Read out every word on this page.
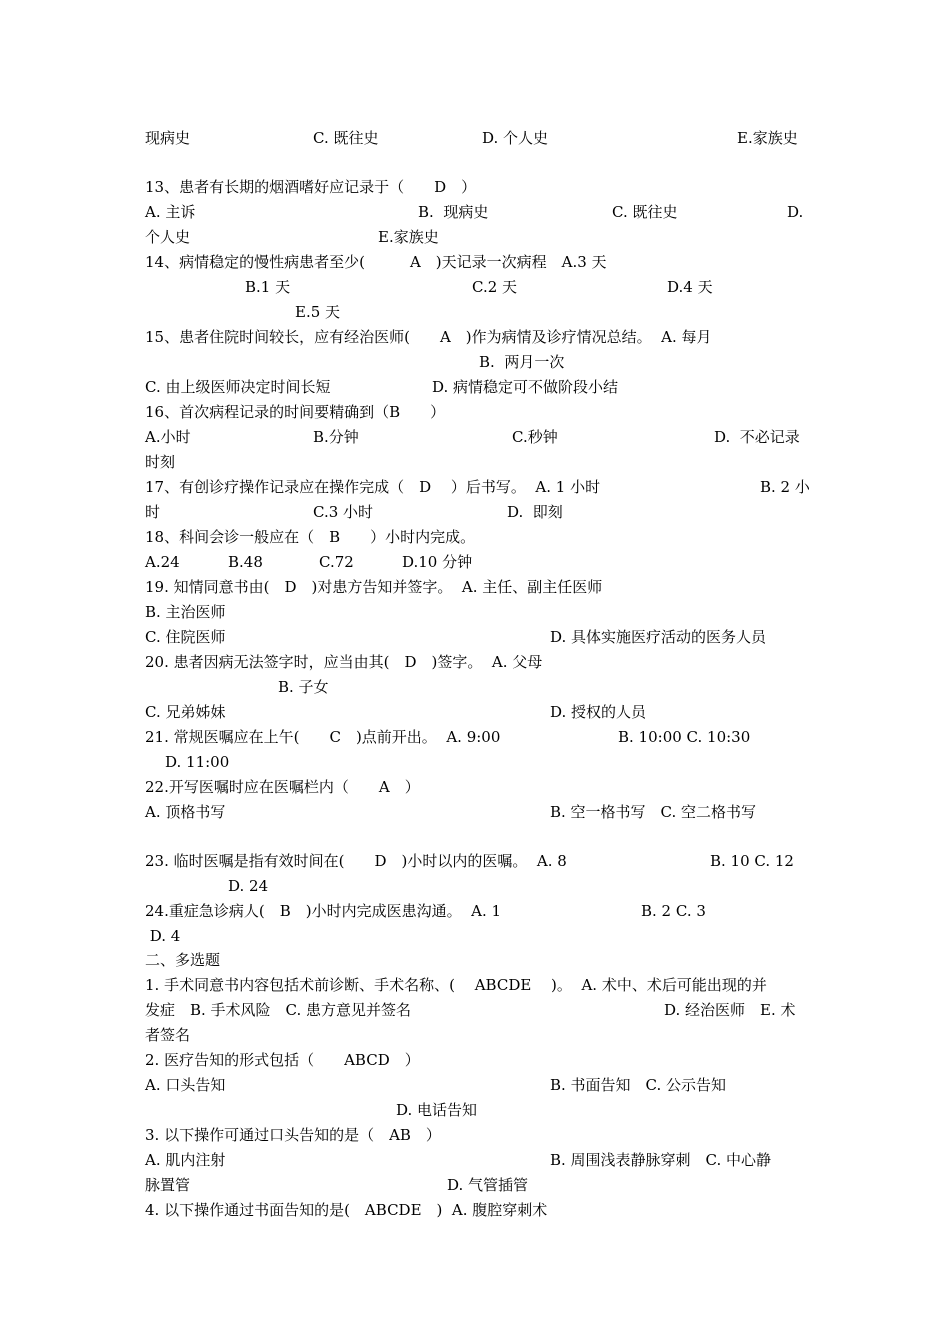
现病史	C. 既往史	D. 个人史	E.家族史
13、患者有长期的烟酒嗜好应记录于（　　D　）
A. 主诉	B.  现病史	C. 既往史	D.
个人史	E.家族史
14、病情稳定的慢性病患者至少(　　　A　)天记录一次病程　A.3 天
B.1 天	C.2 天	D.4 天
E.5 天
15、患者住院时间较长，应有经治医师(　　A　)作为病情及诊疗情况总结。  A. 每月
B.  两月一次
C. 由上级医师决定时间长短	D. 病情稳定可不做阶段小结
16、首次病程记录的时间要精确到（B　　）
A.小时	B.分钟	C.秒钟	D.  不必记录
时刻
17、有创诊疗操作记录应在操作完成（　D　 ）后书写。  A. 1 小时	B. 2 小
时	C.3 小时	D.  即刻
18、科间会诊一般应在（　B　　）小时内完成。
A.24	B.48	C.72	D.10 分钟
19. 知情同意书由(　D　)对患方告知并签字。  A. 主任、副主任医师
B. 主治医师
C. 住院医师	D. 具体实施医疗活动的医务人员
20. 患者因病无法签字时，应当由其(　D　)签字。  A. 父母
B. 子女
C. 兄弟姊妹	D. 授权的人员
21. 常规医嘱应在上午(　　C　)点前开出。  A. 9:00	B. 10:00 C. 10:30
D. 11:00
22.开写医嘱时应在医嘱栏内（　　A　）
A. 顶格书写	B. 空一格书写　C. 空二格书写
23. 临时医嘱是指有效时间在(　　D　)小时以内的医嘱。  A. 8	B. 10 C. 12
D. 24
24.重症急诊病人(　B　)小时内完成医患沟通。  A. 1	B. 2 C. 3
D. 4
二、多选题
1. 手术同意书内容包括术前诊断、手术名称、(　 ABCDE　 )。  A. 术中、术后可能出现的并
发症　B. 手术风险　C. 患方意见并签名	D. 经治医师　E. 术
者签名
2. 医疗告知的形式包括（　　ABCD　）
A. 口头告知	B. 书面告知　C. 公示告知
D. 电话告知
3. 以下操作可通过口头告知的是（　AB　）
A. 肌内注射	B. 周围浅表静脉穿刺　C. 中心静
脉置管	D. 气管插管
4. 以下操作通过书面告知的是(　ABCDE　)  A. 腹腔穿刺术
